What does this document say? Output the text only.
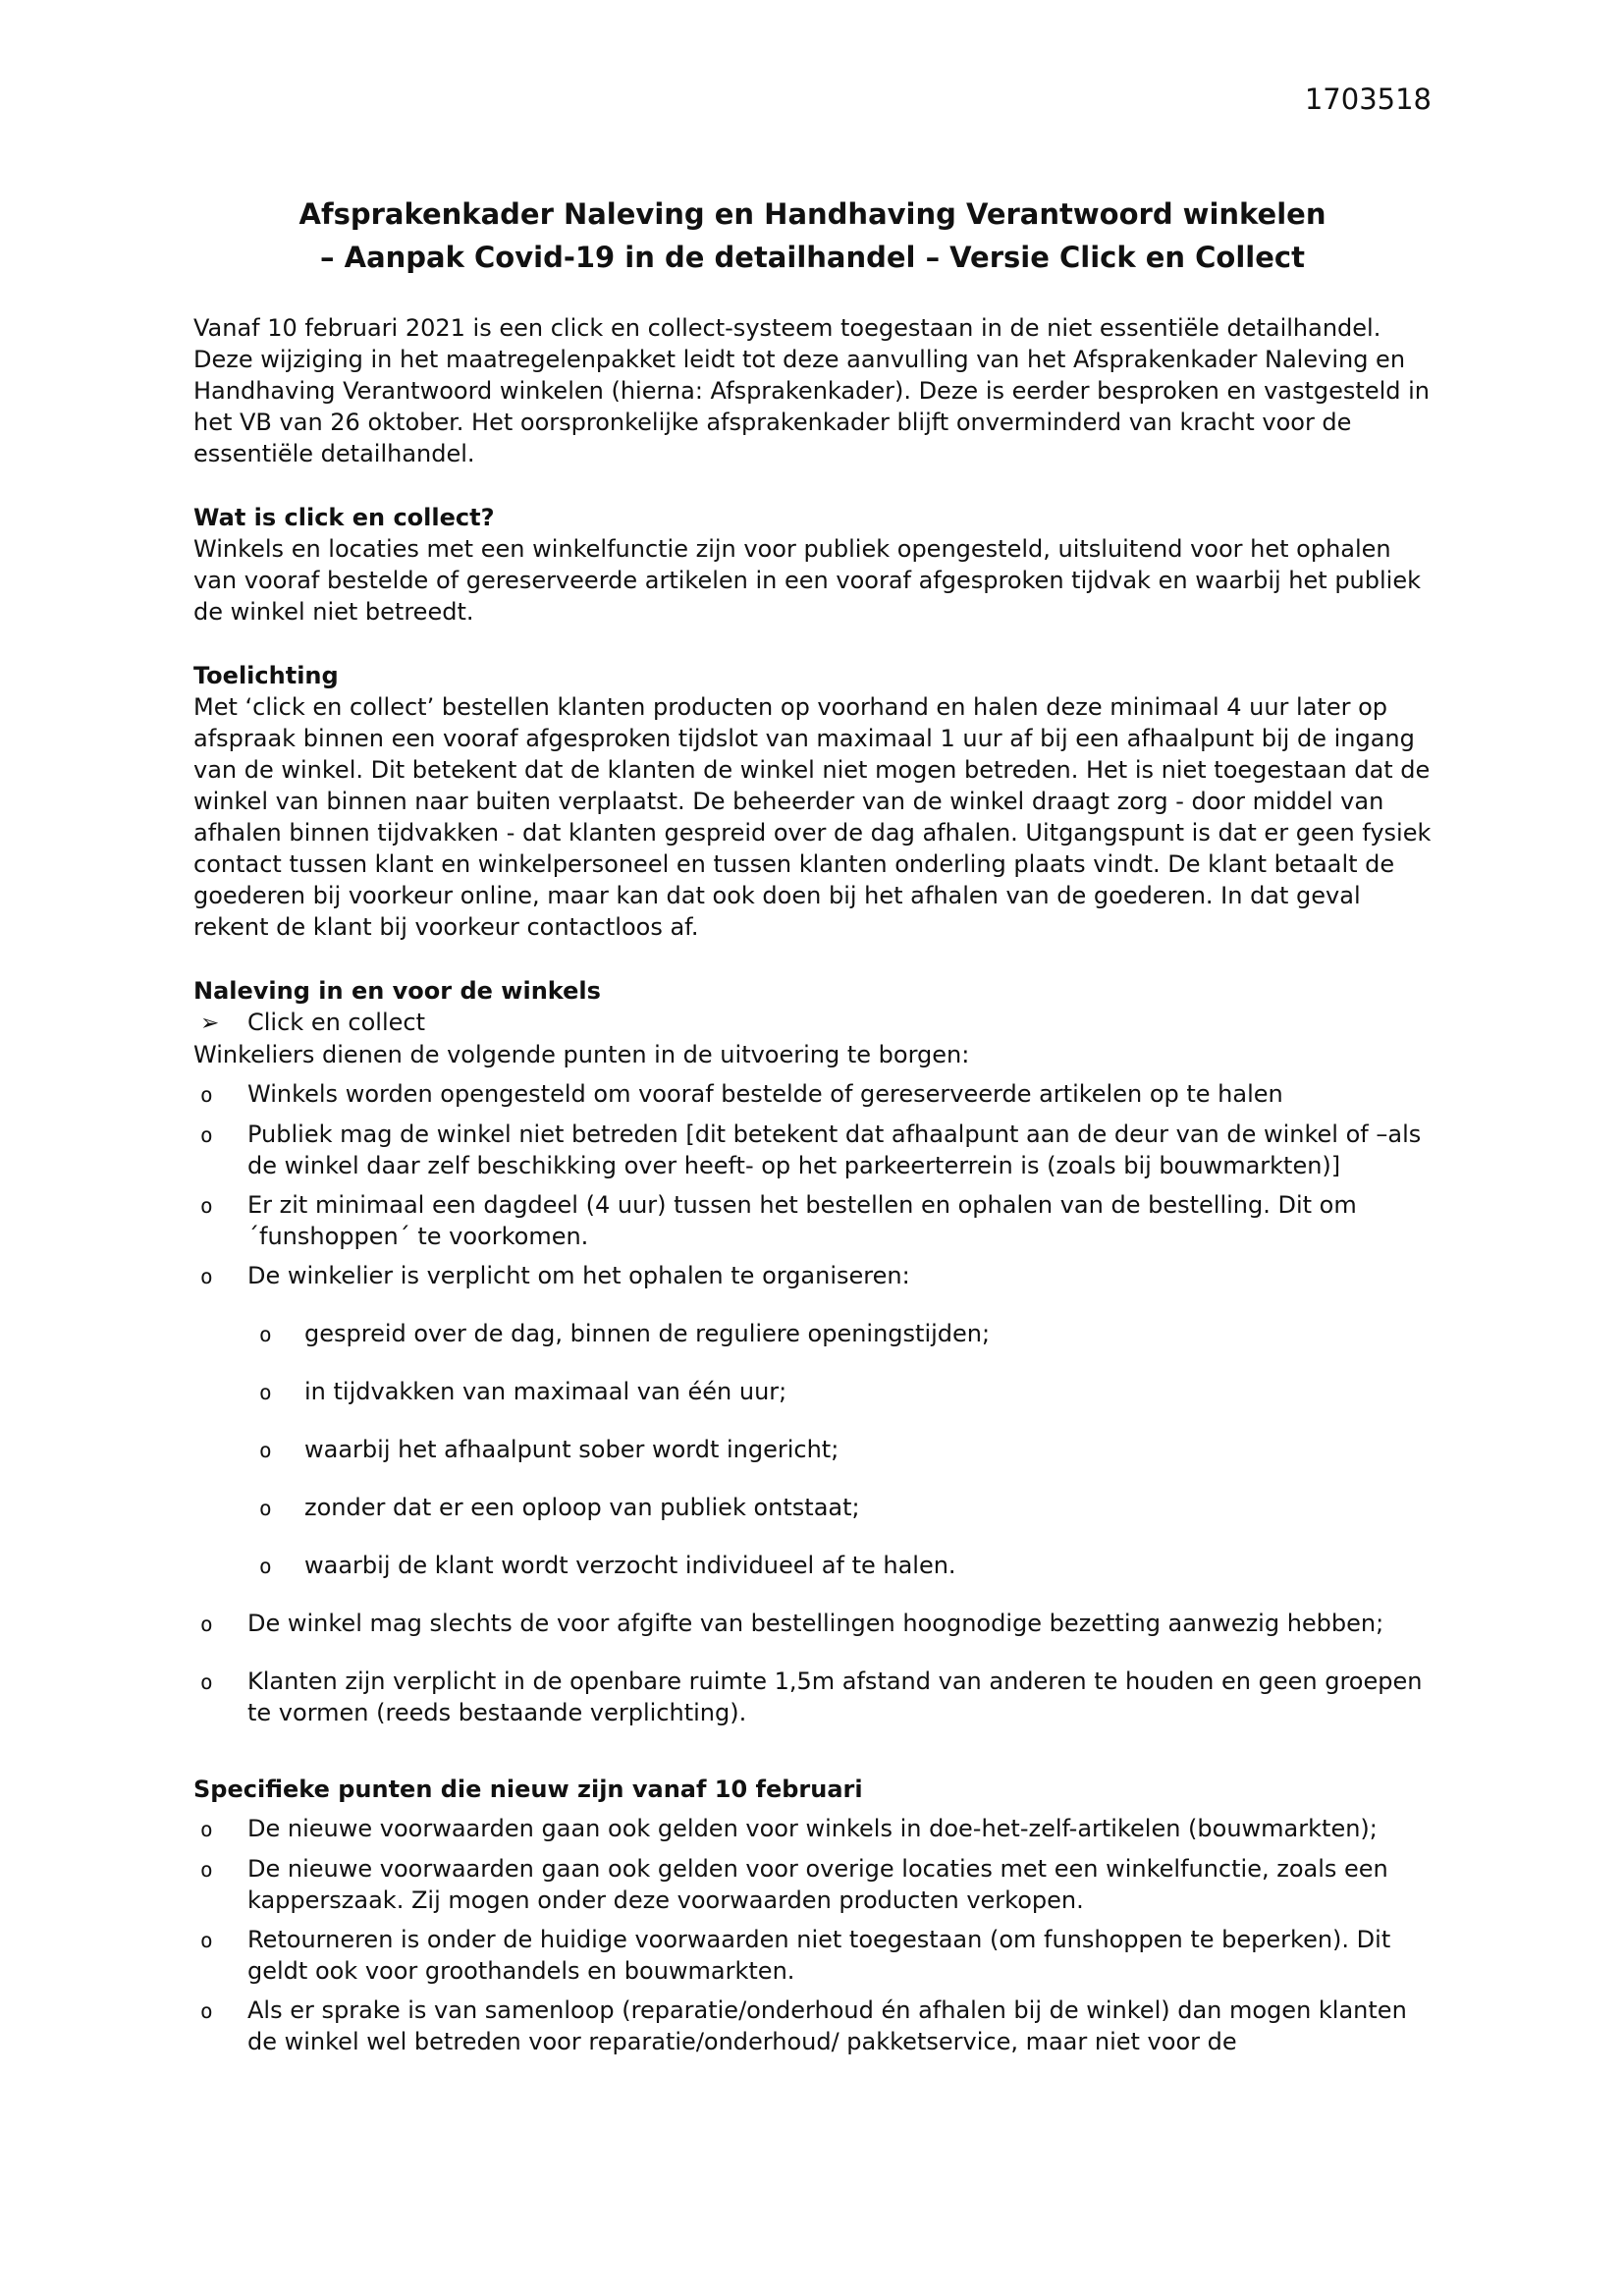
1703518
Afsprakenkader Naleving en Handhaving Verantwoord winkelen
– Aanpak Covid-19 in de detailhandel – Versie Click en Collect

Vanaf 10 februari 2021 is een click en collect-systeem toegestaan in de niet essentiële detailhandel. Deze wijziging in het maatregelenpakket leidt tot deze aanvulling van het Afsprakenkader Naleving en Handhaving Verantwoord winkelen (hierna: Afsprakenkader). Deze is eerder besproken en vastgesteld in het VB van 26 oktober. Het oorspronkelijke afsprakenkader blijft onverminderd van kracht voor de essentiële detailhandel.

Wat is click en collect?

Winkels en locaties met een winkelfunctie zijn voor publiek opengesteld, uitsluitend voor het ophalen van vooraf bestelde of gereserveerde artikelen in een vooraf afgesproken tijdvak en waarbij het publiek de winkel niet betreedt.

Toelichting

Met ‘click en collect’ bestellen klanten producten op voorhand en halen deze minimaal 4 uur later op afspraak binnen een vooraf afgesproken tijdslot van maximaal 1 uur af bij een afhaalpunt bij de ingang van de winkel. Dit betekent dat de klanten de winkel niet mogen betreden. Het is niet toegestaan dat de winkel van binnen naar buiten verplaatst. De beheerder van de winkel draagt zorg - door middel van afhalen binnen tijdvakken - dat klanten gespreid over de dag afhalen. Uitgangspunt is dat er geen fysiek contact tussen klant en winkelpersoneel en tussen klanten onderling plaats vindt. De klant betaalt de goederen bij voorkeur online, maar kan dat ook doen bij het afhalen van de goederen. In dat geval rekent de klant bij voorkeur contactloos af.

Naleving in en voor de winkels
➢	Click en collect

Winkeliers dienen de volgende punten in de uitvoering te borgen:

o	Winkels worden opengesteld om vooraf bestelde of gereserveerde artikelen op te halen
o	Publiek mag de winkel niet betreden [dit betekent dat afhaalpunt aan de deur van de winkel of –als de winkel daar zelf beschikking over heeft- op het parkeerterrein is (zoals bij bouwmarkten)]
o	Er zit minimaal een dagdeel (4 uur) tussen het bestellen en ophalen van de bestelling. Dit om ´funshoppen´ te voorkomen.
o	De winkelier is verplicht om het ophalen te organiseren:
o	gespreid over de dag, binnen de reguliere openingstijden;
o	in tijdvakken van maximaal van één uur;
o	waarbij het afhaalpunt sober wordt ingericht;
o	zonder dat er een oploop van publiek ontstaat;
o	waarbij de klant wordt verzocht individueel af te halen.
o	De winkel mag slechts de voor afgifte van bestellingen hoognodige bezetting aanwezig hebben;
o	Klanten zijn verplicht in de openbare ruimte 1,5m afstand van anderen te houden en geen groepen te vormen (reeds bestaande verplichting).
Specifieke punten die nieuw zijn vanaf 10 februari
o	De nieuwe voorwaarden gaan ook gelden voor winkels in doe-het-zelf-artikelen (bouwmarkten);
o	De nieuwe voorwaarden gaan ook gelden voor overige locaties met een winkelfunctie, zoals een kapperszaak. Zij mogen onder deze voorwaarden producten verkopen.
o	Retourneren is onder de huidige voorwaarden niet toegestaan (om funshoppen te beperken). Dit geldt ook voor groothandels en bouwmarkten.
o	Als er sprake is van samenloop (reparatie/onderhoud én afhalen bij de winkel) dan mogen klanten de winkel wel betreden voor reparatie/onderhoud/ pakketservice, maar niet voor de
